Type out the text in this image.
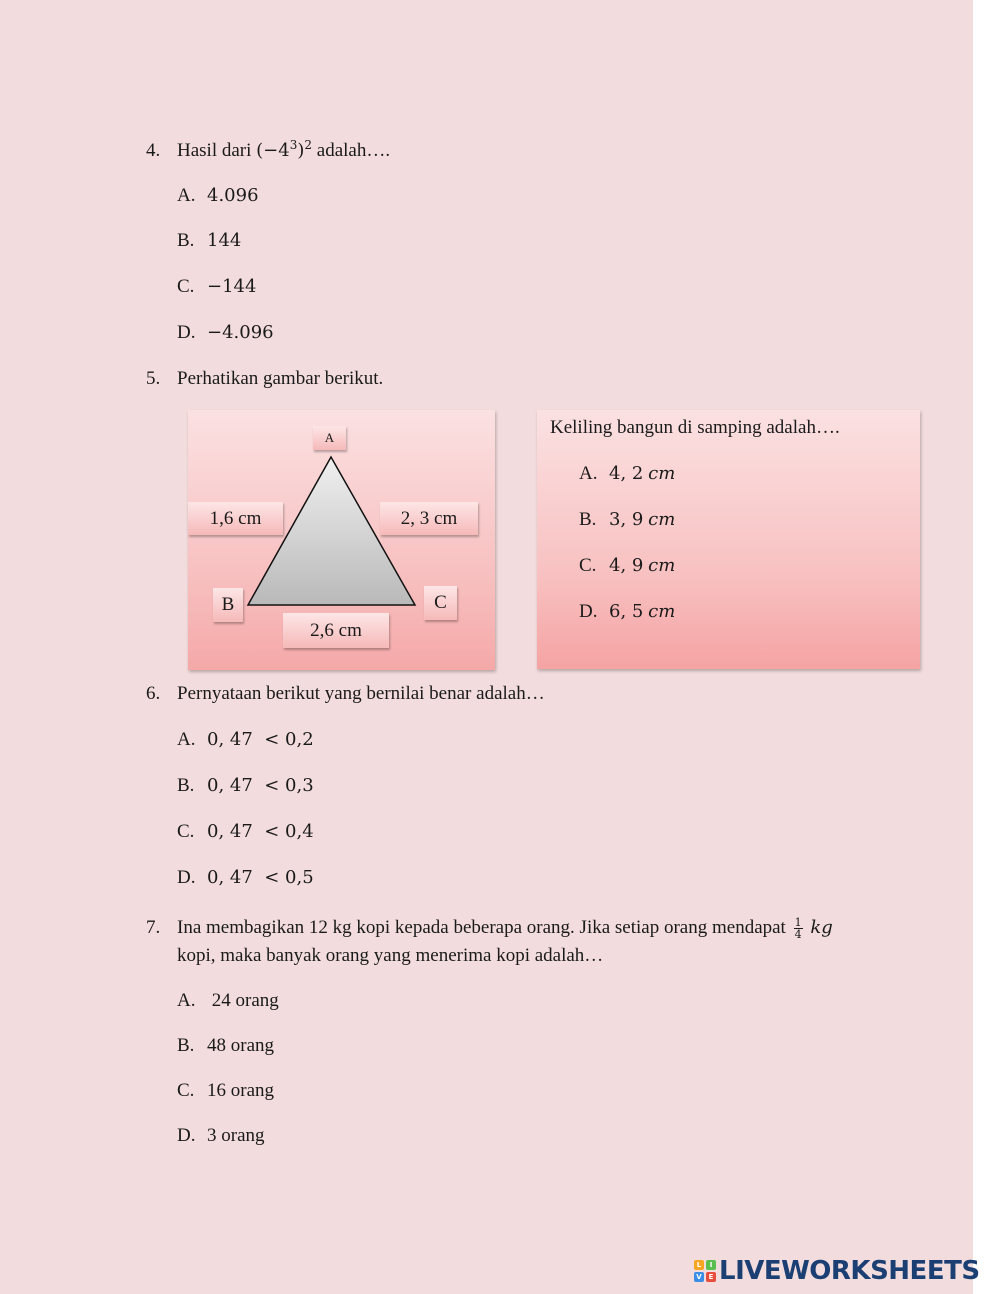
4. Hasil dari $(-4^3)^2$ adalah….
A. 4.096
B. 144
C. −144
D. −4.096
5. Perhatikan gambar berikut.
A
1,6 cm	2, 3 cm
B	C
2,6 cm
Keliling bangun di samping adalah….
A. 4, 2 cm
B. 3, 9 cm
C. 4, 9 cm
D. 6, 5 cm
6. Pernyataan berikut yang bernilai benar adalah…
A. 0, 47  < 0,2
B. 0, 47  < 0,3
C. 0, 47  < 0,4
D. 0, 47  < 0,5
7. Ina membagikan 12 kg kopi kepada beberapa orang. Jika setiap orang mendapat $\frac{1}{4}$ kg
kopi, maka banyak orang yang menerima kopi adalah…
A. 24 orang
B. 48 orang
C. 16 orang
D. 3 orang
L	I
V E LIVEWORKSHEETS
